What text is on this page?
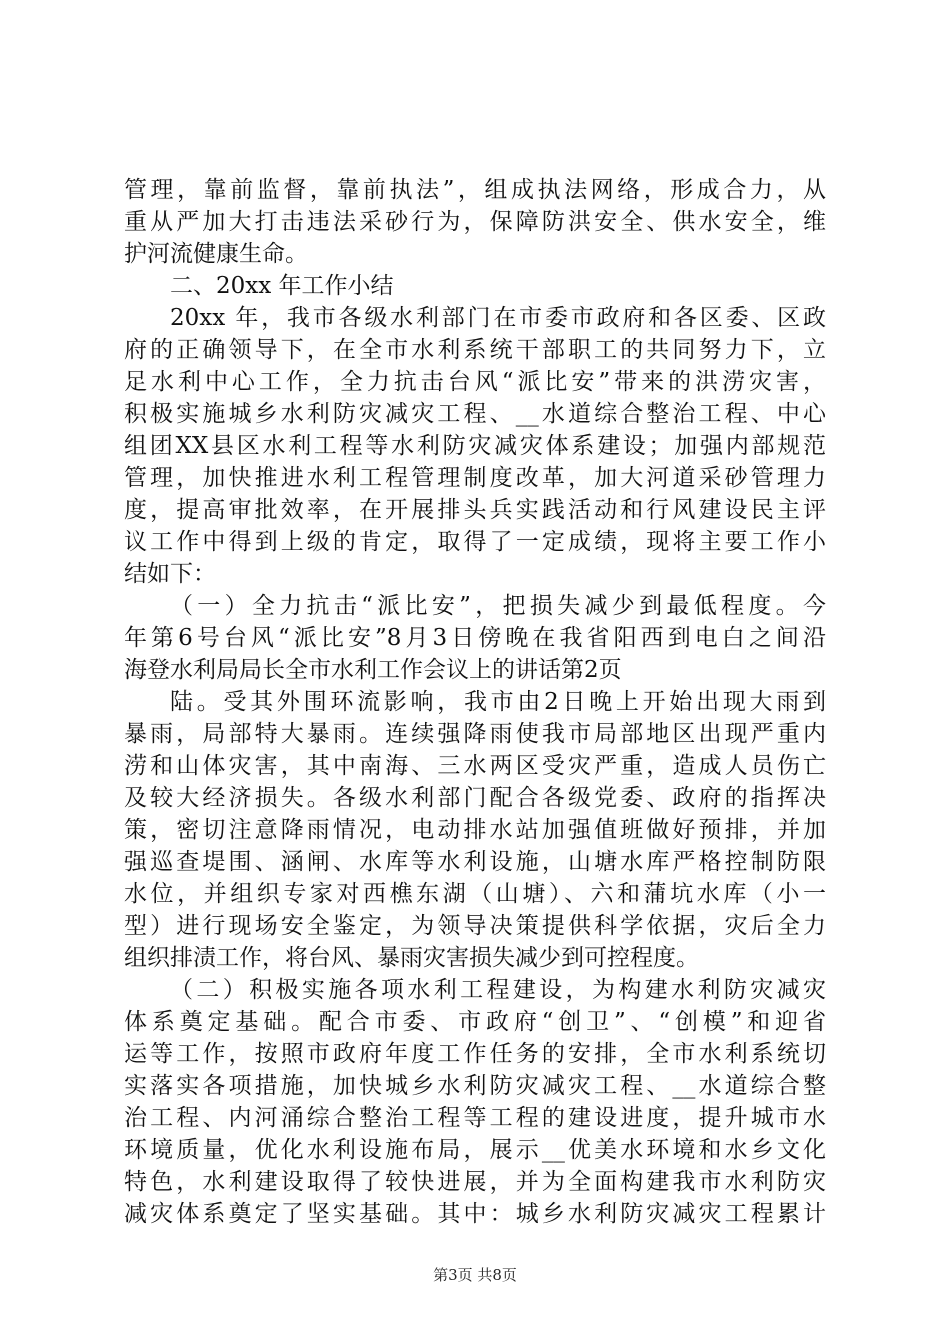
管理，靠前监督，靠前执法”，组成执法网络，形成合力，从
重从严加大打击违法采砂行为，保障防洪安全、供水安全，维
护河流健康生命。
二、20xx 年工作小结
20xx 年，我市各级水利部门在市委市政府和各区委、区政
府的正确领导下，在全市水利系统干部职工的共同努力下，立
足水利中心工作，全力抗击台风“派比安”带来的洪涝灾害，
积极实施城乡水利防灾减灾工程、__水道综合整治工程、中心
组团XX县区水利工程等水利防灾减灾体系建设；加强内部规范
管理，加快推进水利工程管理制度改革，加大河道采砂管理力
度，提高审批效率，在开展排头兵实践活动和行风建设民主评
议工作中得到上级的肯定，取得了一定成绩，现将主要工作小
结如下：
（一）全力抗击“派比安”，把损失减少到最低程度。今
年第6号台风“派比安”8月3日傍晚在我省阳西到电白之间沿
海登水利局局长全市水利工作会议上的讲话第2页
陆。受其外围环流影响，我市由2日晚上开始出现大雨到
暴雨，局部特大暴雨。连续强降雨使我市局部地区出现严重内
涝和山体灾害，其中南海、三水两区受灾严重，造成人员伤亡
及较大经济损失。各级水利部门配合各级党委、政府的指挥决
策，密切注意降雨情况，电动排水站加强值班做好预排，并加
强巡查堤围、涵闸、水库等水利设施，山塘水库严格控制防限
水位，并组织专家对西樵东湖（山塘）、六和蒲坑水库（小一
型）进行现场安全鉴定，为领导决策提供科学依据，灾后全力
组织排渍工作，将台风、暴雨灾害损失减少到可控程度。
（二）积极实施各项水利工程建设，为构建水利防灾减灾
体系奠定基础。配合市委、市政府“创卫”、“创模”和迎省
运等工作，按照市政府年度工作任务的安排，全市水利系统切
实落实各项措施，加快城乡水利防灾减灾工程、__水道综合整
治工程、内河涌综合整治工程等工程的建设进度，提升城市水
环境质量，优化水利设施布局，展示__优美水环境和水乡文化
特色，水利建设取得了较快进展，并为全面构建我市水利防灾
减灾体系奠定了坚实基础。其中：城乡水利防灾减灾工程累计
第3页 共8页
